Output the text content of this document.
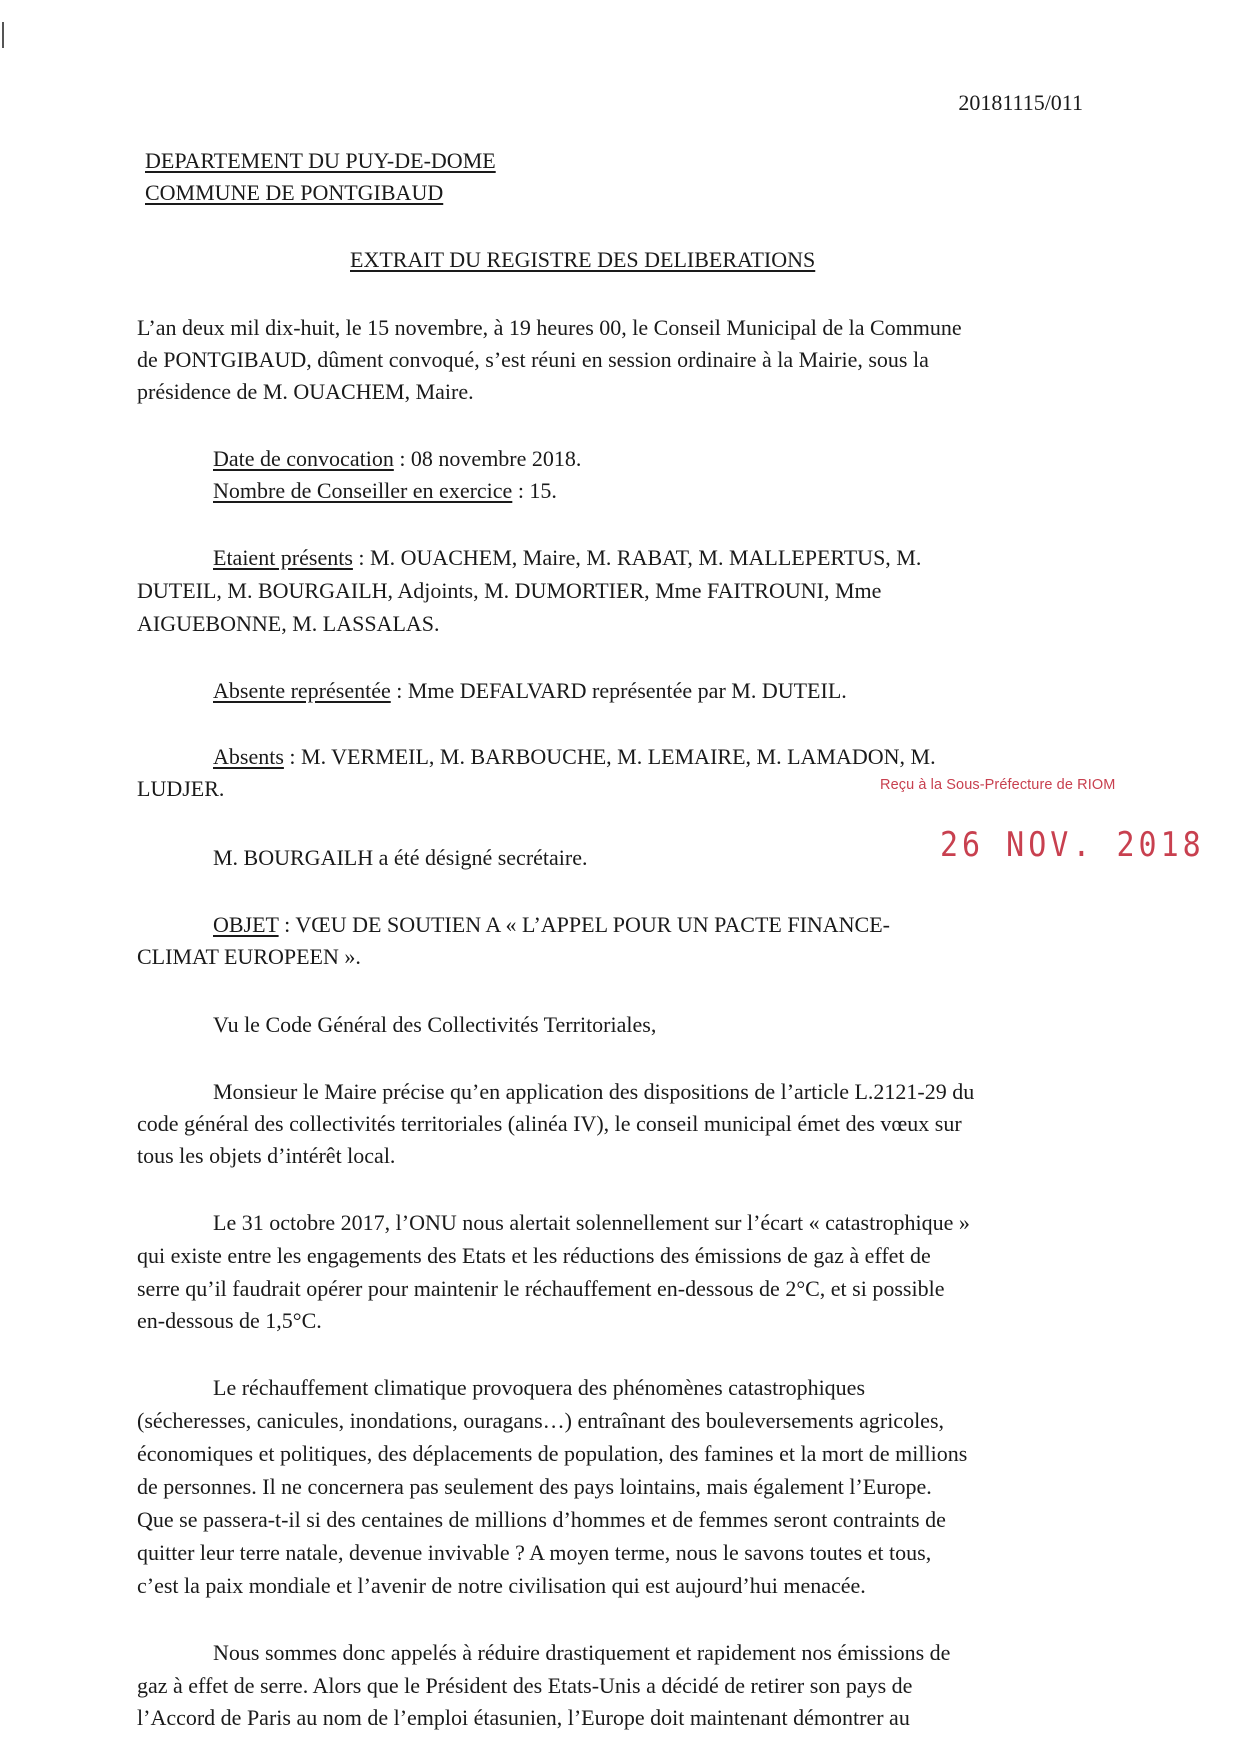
20181115/011
DEPARTEMENT DU PUY-DE-DOME
COMMUNE DE PONTGIBAUD
EXTRAIT DU REGISTRE DES DELIBERATIONS
L’an deux mil dix-huit, le 15 novembre, à 19 heures 00, le Conseil Municipal de la Commune
de PONTGIBAUD, dûment convoqué, s’est réuni en session ordinaire à la Mairie, sous la
présidence de M. OUACHEM, Maire.
Date de convocation : 08 novembre 2018.
Nombre de Conseiller en exercice : 15.
Etaient présents : M. OUACHEM, Maire, M. RABAT, M. MALLEPERTUS, M.
DUTEIL, M. BOURGAILH, Adjoints, M. DUMORTIER, Mme FAITROUNI, Mme
AIGUEBONNE, M. LASSALAS.
Absente représentée : Mme DEFALVARD représentée par M. DUTEIL.
Absents : M. VERMEIL, M. BARBOUCHE, M. LEMAIRE, M. LAMADON, M.
LUDJER.	Reçu à la Sous-Préfecture de RIOM
26 NOV. 2018
M. BOURGAILH a été désigné secrétaire.
OBJET : VŒU DE SOUTIEN A « L’APPEL POUR UN PACTE FINANCE-
CLIMAT EUROPEEN ».
Vu le Code Général des Collectivités Territoriales,
Monsieur le Maire précise qu’en application des dispositions de l’article L.2121-29 du
code général des collectivités territoriales (alinéa IV), le conseil municipal émet des vœux sur
tous les objets d’intérêt local.
Le 31 octobre 2017, l’ONU nous alertait solennellement sur l’écart « catastrophique »
qui existe entre les engagements des Etats et les réductions des émissions de gaz à effet de
serre qu’il faudrait opérer pour maintenir le réchauffement en-dessous de 2°C, et si possible
en-dessous de 1,5°C.
Le réchauffement climatique provoquera des phénomènes catastrophiques
(sécheresses, canicules, inondations, ouragans…) entraînant des bouleversements agricoles,
économiques et politiques, des déplacements de population, des famines et la mort de millions
de personnes. Il ne concernera pas seulement des pays lointains, mais également l’Europe.
Que se passera-t-il si des centaines de millions d’hommes et de femmes seront contraints de
quitter leur terre natale, devenue invivable ? A moyen terme, nous le savons toutes et tous,
c’est la paix mondiale et l’avenir de notre civilisation qui est aujourd’hui menacée.
Nous sommes donc appelés à réduire drastiquement et rapidement nos émissions de
gaz à effet de serre. Alors que le Président des Etats-Unis a décidé de retirer son pays de
l’Accord de Paris au nom de l’emploi étasunien, l’Europe doit maintenant démontrer au
